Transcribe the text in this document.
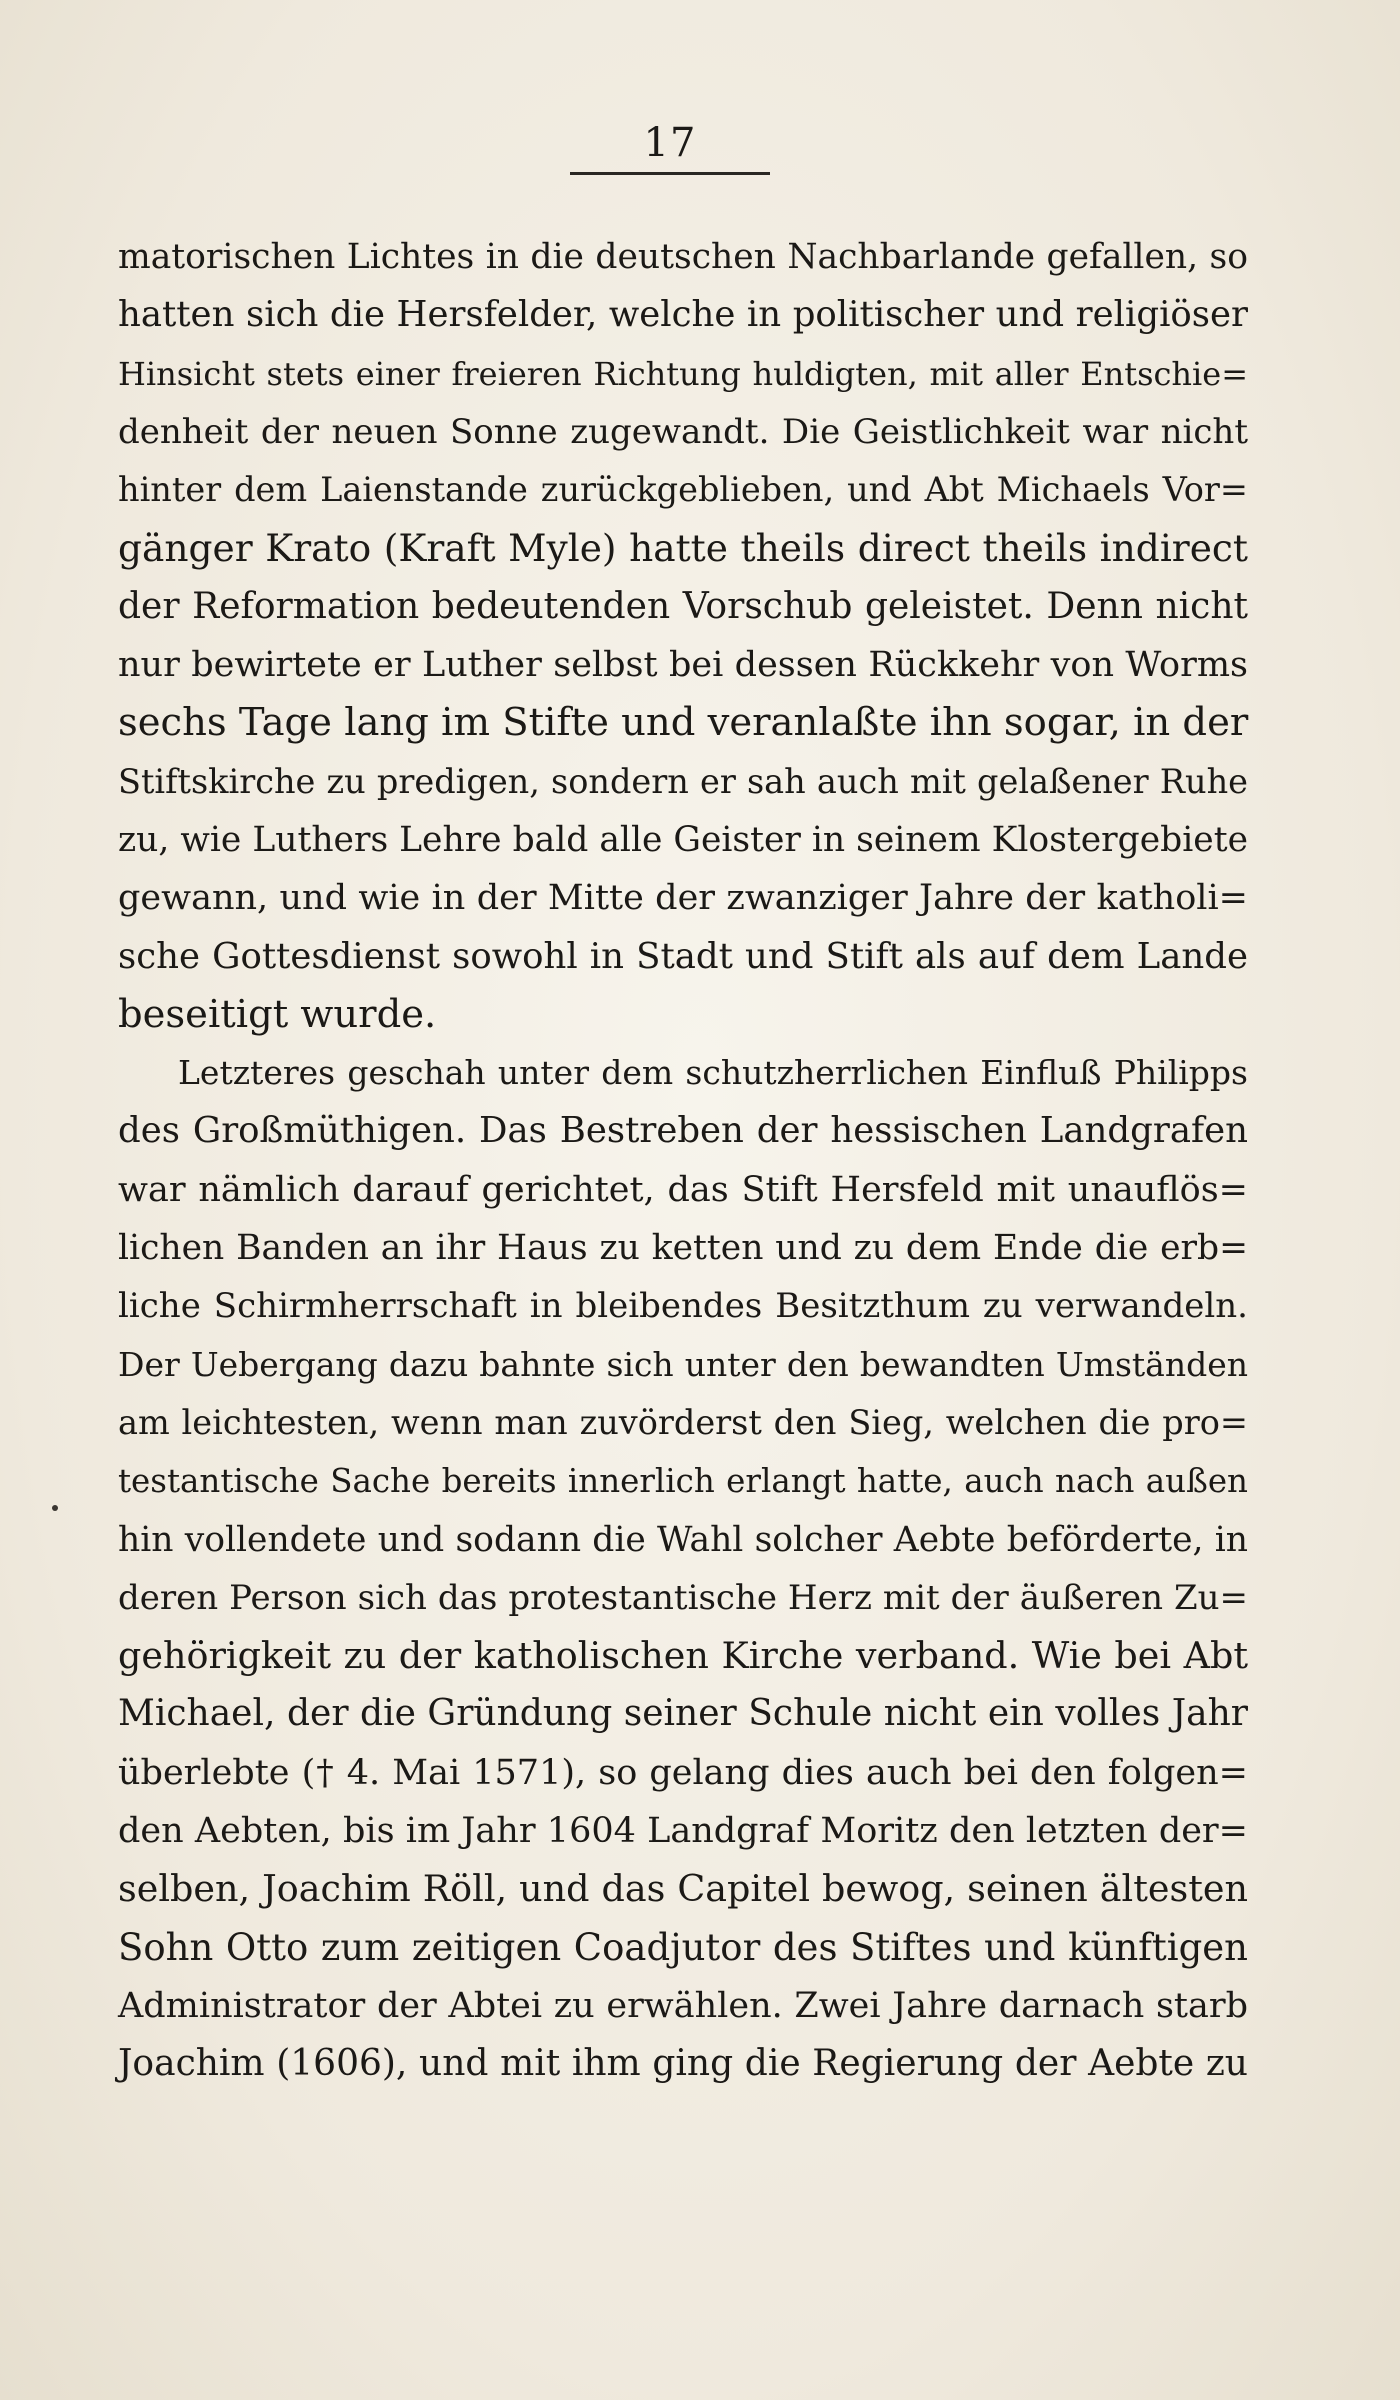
17
matorischen Lichtes in die deutschen Nachbarlande gefallen, so
hatten sich die Hersfelder, welche in politischer und religiöser
Hinsicht stets einer freieren Richtung huldigten, mit aller Entschie=
denheit der neuen Sonne zugewandt. Die Geistlichkeit war nicht
hinter dem Laienstande zurückgeblieben, und Abt Michaels Vor=
gänger Krato (Kraft Myle) hatte theils direct theils indirect
der Reformation bedeutenden Vorschub geleistet. Denn nicht
nur bewirtete er Luther selbst bei dessen Rückkehr von Worms
sechs Tage lang im Stifte und veranlaßte ihn sogar, in der
Stiftskirche zu predigen, sondern er sah auch mit gelaßener Ruhe
zu, wie Luthers Lehre bald alle Geister in seinem Klostergebiete
gewann, und wie in der Mitte der zwanziger Jahre der katholi=
sche Gottesdienst sowohl in Stadt und Stift als auf dem Lande
beseitigt wurde.
Letzteres geschah unter dem schutzherrlichen Einfluß Philipps
des Großmüthigen. Das Bestreben der hessischen Landgrafen
war nämlich darauf gerichtet, das Stift Hersfeld mit unauflös=
lichen Banden an ihr Haus zu ketten und zu dem Ende die erb=
liche Schirmherrschaft in bleibendes Besitzthum zu verwandeln.
Der Uebergang dazu bahnte sich unter den bewandten Umständen
am leichtesten, wenn man zuvörderst den Sieg, welchen die pro=
testantische Sache bereits innerlich erlangt hatte, auch nach außen
hin vollendete und sodann die Wahl solcher Aebte beförderte, in
deren Person sich das protestantische Herz mit der äußeren Zu=
gehörigkeit zu der katholischen Kirche verband. Wie bei Abt
Michael, der die Gründung seiner Schule nicht ein volles Jahr
überlebte († 4. Mai 1571), so gelang dies auch bei den folgen=
den Aebten, bis im Jahr 1604 Landgraf Moritz den letzten der=
selben, Joachim Röll, und das Capitel bewog, seinen ältesten
Sohn Otto zum zeitigen Coadjutor des Stiftes und künftigen
Administrator der Abtei zu erwählen. Zwei Jahre darnach starb
Joachim (1606), und mit ihm ging die Regierung der Aebte zu
